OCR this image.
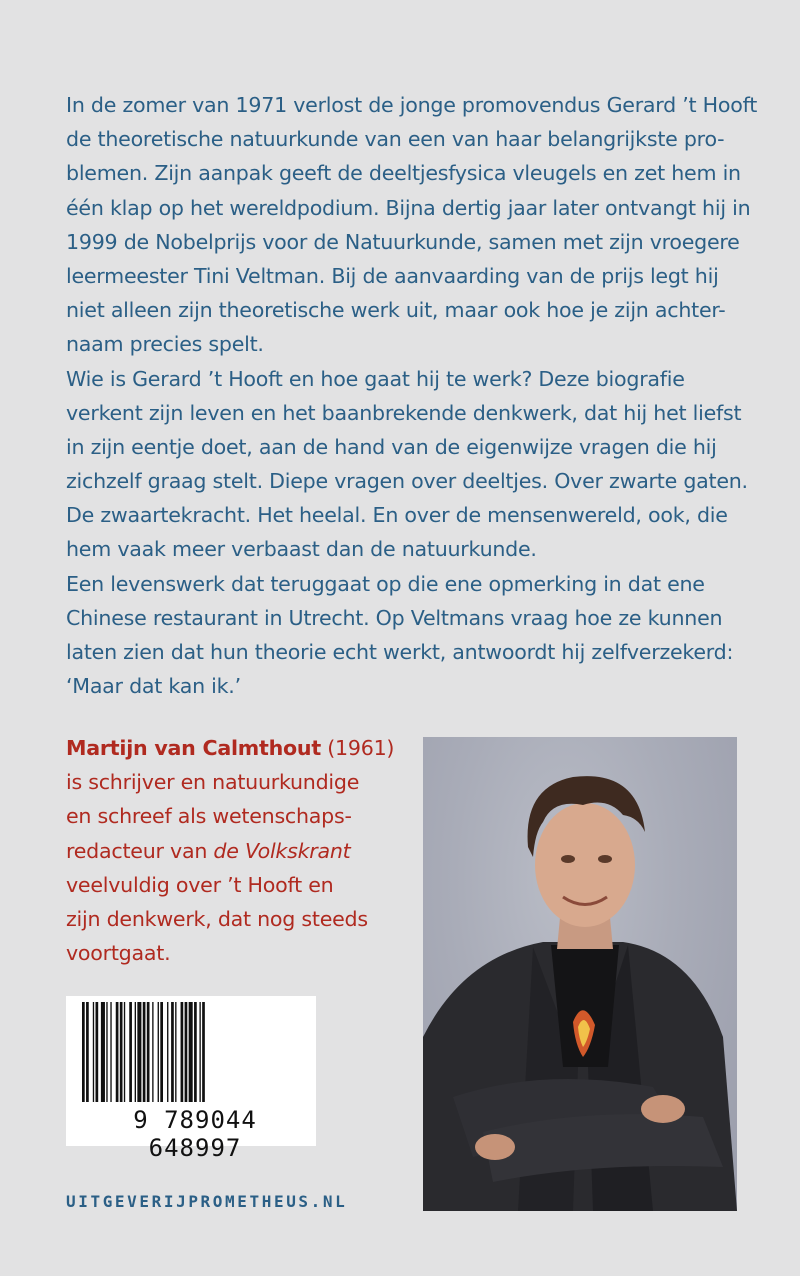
In de zomer van 1971 verlost de jonge promovendus Gerard ’t Hooft
de theoretische natuurkunde van een van haar belangrijkste pro-
blemen. Zijn aanpak geeft de deeltjesfysica vleugels en zet hem in
één klap op het wereldpodium. Bijna dertig jaar later ontvangt hij in
1999 de Nobelprijs voor de Natuurkunde, samen met zijn vroegere
leermeester Tini Veltman. Bij de aanvaarding van de prijs legt hij
niet alleen zijn theoretische werk uit, maar ook hoe je zijn achter-
naam precies spelt.
Wie is Gerard ’t Hooft en hoe gaat hij te werk? Deze biografie
verkent zijn leven en het baanbrekende denkwerk, dat hij het liefst
in zijn eentje doet, aan de hand van de eigenwijze vragen die hij
zichzelf graag stelt. Diepe vragen over deeltjes. Over zwarte gaten.
De zwaartekracht. Het heelal. En over de mensenwereld, ook, die
hem vaak meer verbaast dan de natuurkunde.
Een levenswerk dat teruggaat op die ene opmerking in dat ene
Chinese restaurant in Utrecht. Op Veltmans vraag hoe ze kunnen
laten zien dat hun theorie echt werkt, antwoordt hij zelfverzekerd:
‘Maar dat kan ik.’
Martijn van Calmthout (1961)
is schrijver en natuurkundige
en schreef als wetenschaps-
redacteur van de Volkskrant
veelvuldig over ’t Hooft en
zijn denkwerk, dat nog steeds
voortgaat.
9 789044 648997
UITGEVERIJPROMETHEUS.NL
